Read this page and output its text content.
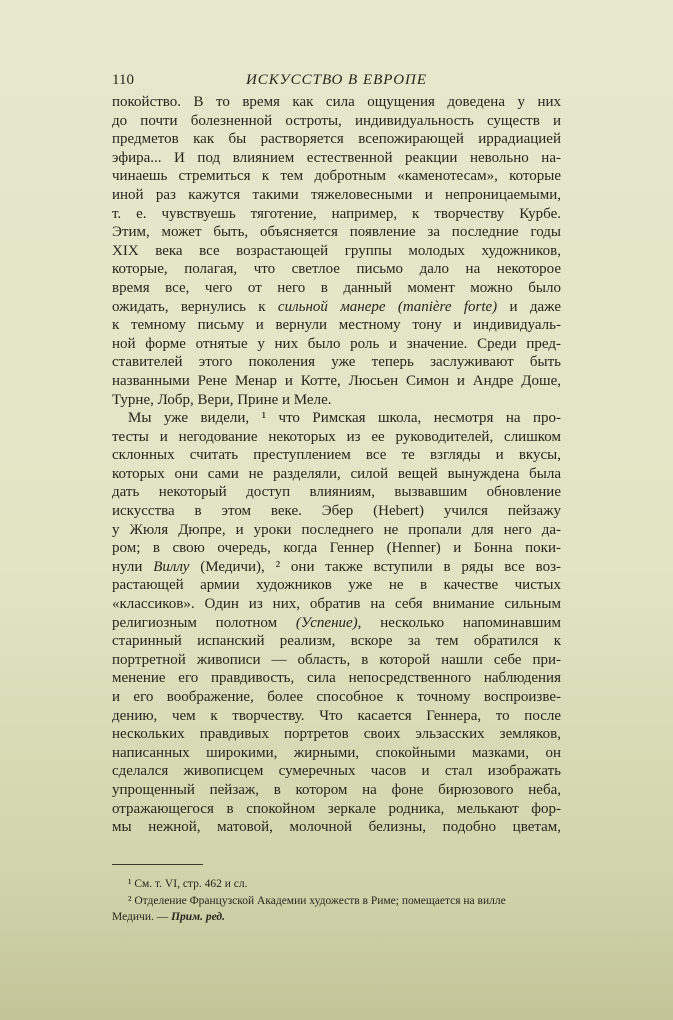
110	ИСКУССТВО В ЕВРОПЕ
покойство. В то время как сила ощущения доведена у них
до почти болезненной остроты, индивидуальность существ и
предметов как бы растворяется всепожирающей иррадиацией
эфира... И под влиянием естественной реакции невольно на-
чинаешь стремиться к тем добротным «каменотесам», которые
иной раз кажутся такими тяжеловесными и непроницаемыми,
т. е. чувствуешь тяготение, например, к творчеству Курбе.
Этим, может быть, объясняется появление за последние годы
XIX века все возрастающей группы молодых художников,
которые, полагая, что светлое письмо дало на некоторое
время все, чего от него в данный момент можно было
ожидать, вернулись к сильной манере (manière forte) и даже
к темному письму и вернули местному тону и индивидуаль-
ной форме отнятые у них было роль и значение. Среди пред-
ставителей этого поколения уже теперь заслуживают быть
названными Рене Менар и Котте, Люсьен Симон и Андре Доше,
Турне, Лобр, Вери, Прине и Меле.
Мы уже видели, ¹ что Римская школа, несмотря на про-
тесты и негодование некоторых из ее руководителей, слишком
склонных считать преступлением все те взгляды и вкусы,
которых они сами не разделяли, силой вещей вынуждена была
дать некоторый доступ влияниям, вызвавшим обновление
искусства в этом веке. Эбер (Hebert) учился пейзажу
у Жюля Дюпре, и уроки последнего не пропали для него да-
ром; в свою очередь, когда Геннер (Henner) и Бонна поки-
нули Виллу (Медичи), ² они также вступили в ряды все воз-
растающей армии художников уже не в качестве чистых
«классиков». Один из них, обратив на себя внимание сильным
религиозным полотном (Успение), несколько напоминавшим
старинный испанский реализм, вскоре за тем обратился к
портретной живописи — область, в которой нашли себе при-
менение его правдивость, сила непосредственного наблюдения
и его воображение, более способное к точному воспроизве-
дению, чем к творчеству. Что касается Геннера, то после
нескольких правдивых портретов своих эльзасских земляков,
написанных широкими, жирными, спокойными мазками, он
сделался живописцем сумеречных часов и стал изображать
упрощенный пейзаж, в котором на фоне бирюзового неба,
отражающегося в спокойном зеркале родника, мелькают фор-
мы нежной, матовой, молочной белизны, подобно цветам,
¹ См. т. VI, стр. 462 и сл.
² Отделение Французской Академии художеств в Риме; помещается на вилле
Медичи. — Прим. ред.
